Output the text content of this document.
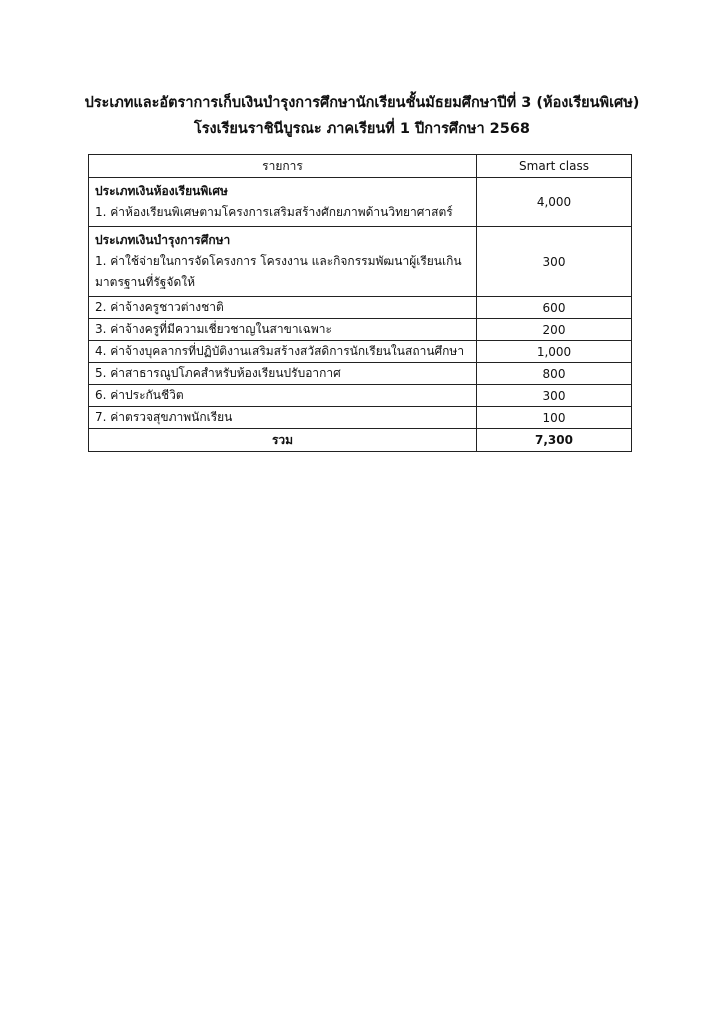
ประเภทและอัตราการเก็บเงินบำรุงการศึกษานักเรียนชั้นมัธยมศึกษาปีที่ 3 (ห้องเรียนพิเศษ)
โรงเรียนราชินีบูรณะ ภาคเรียนที่ 1 ปีการศึกษา 2568
รายการ	Smart class

ประเภทเงินห้องเรียนพิเศษ
1. ค่าห้องเรียนพิเศษตามโครงการเสริมสร้างศักยภาพด้านวิทยาศาสตร์	4,000

ประเภทเงินบำรุงการศึกษา
1. ค่าใช้จ่ายในการจัดโครงการ โครงงาน และกิจกรรมพัฒนาผู้เรียนเกินมาตรฐานที่รัฐจัดให้	300
2. ค่าจ้างครูชาวต่างชาติ	600
3. ค่าจ้างครูที่มีความเชี่ยวชาญในสาขาเฉพาะ	200
4. ค่าจ้างบุคลากรที่ปฏิบัติงานเสริมสร้างสวัสดิการนักเรียนในสถานศึกษา	1,000
5. ค่าสาธารณูปโภคสำหรับห้องเรียนปรับอากาศ	800
6. ค่าประกันชีวิต	300
7. ค่าตรวจสุขภาพนักเรียน	100
รวม	7,300
